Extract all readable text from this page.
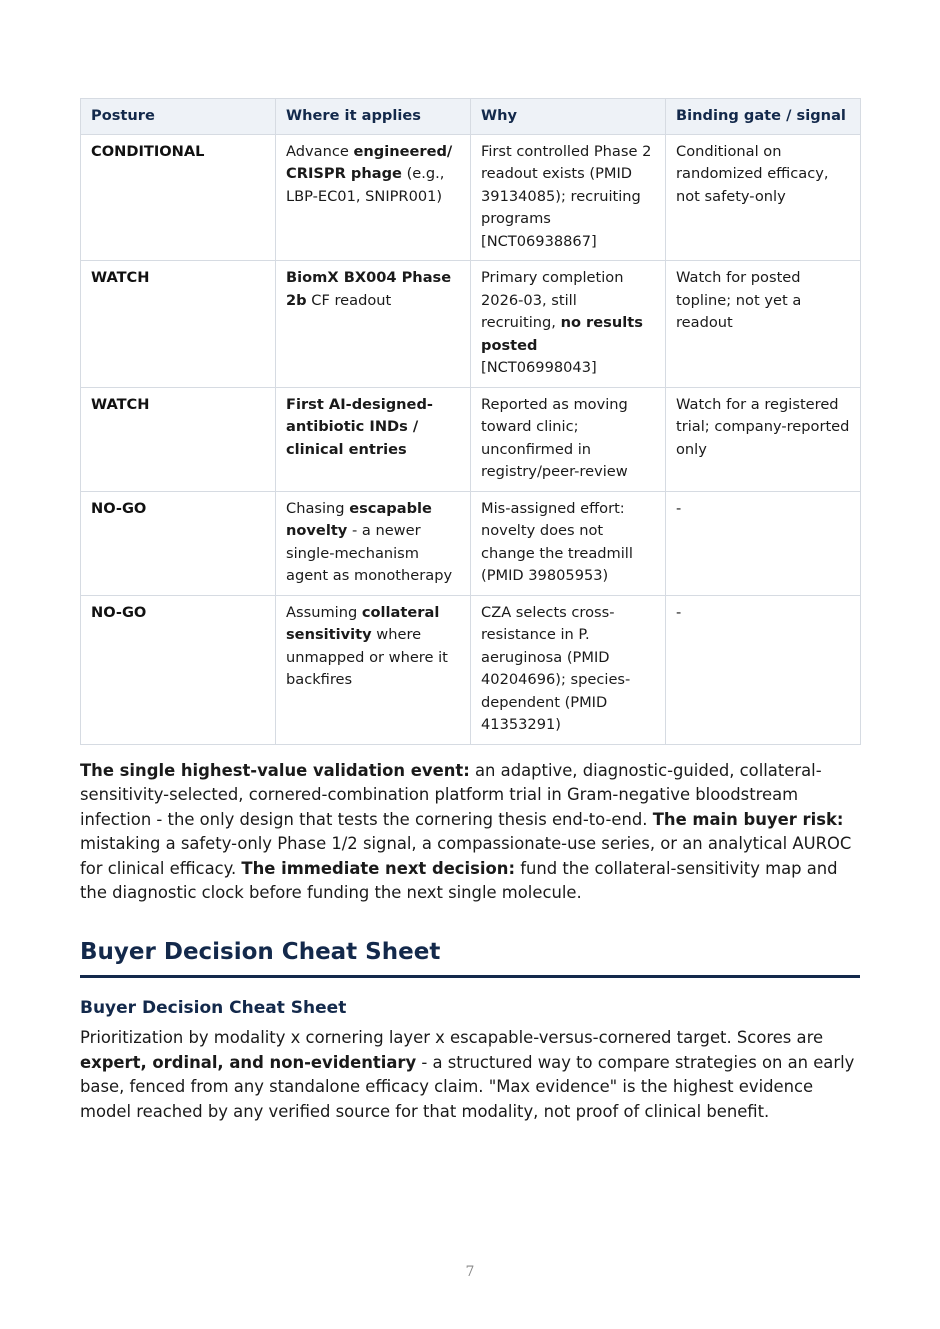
Posture	Where it applies	Why	Binding gate / signal
CONDITIONAL	Advance engineered/ CRISPR phage (e.g., LBP-EC01, SNIPR001)	First controlled Phase 2 readout exists (PMID 39134085); recruiting programs [NCT06938867]	Conditional on randomized efficacy, not safety-only
WATCH	BiomX BX004 Phase 2b CF readout	Primary completion 2026-03, still recruiting, no results posted [NCT06998043]	Watch for posted topline; not yet a readout
WATCH	First AI-designed-antibiotic INDs / clinical entries	Reported as moving toward clinic; unconfirmed in registry/peer-review	Watch for a registered trial; company-reported only
NO-GO	Chasing escapable novelty - a newer single-mechanism agent as monotherapy	Mis-assigned effort: novelty does not change the treadmill (PMID 39805953)	-
NO-GO	Assuming collateral sensitivity where unmapped or where it backfires	CZA selects cross-resistance in P. aeruginosa (PMID 40204696); species-dependent (PMID 41353291)	-

The single highest-value validation event: an adaptive, diagnostic-guided, collateral-sensitivity-selected, cornered-combination platform trial in Gram-negative bloodstream infection - the only design that tests the cornering thesis end-to-end. The main buyer risk: mistaking a safety-only Phase 1/2 signal, a compassionate-use series, or an analytical AUROC for clinical efficacy. The immediate next decision: fund the collateral-sensitivity map and the diagnostic clock before funding the next single molecule.

Buyer Decision Cheat Sheet
Buyer Decision Cheat Sheet

Prioritization by modality x cornering layer x escapable-versus-cornered target. Scores are expert, ordinal, and non-evidentiary - a structured way to compare strategies on an early base, fenced from any standalone efficacy claim. "Max evidence" is the highest evidence model reached by any verified source for that modality, not proof of clinical benefit.

7
